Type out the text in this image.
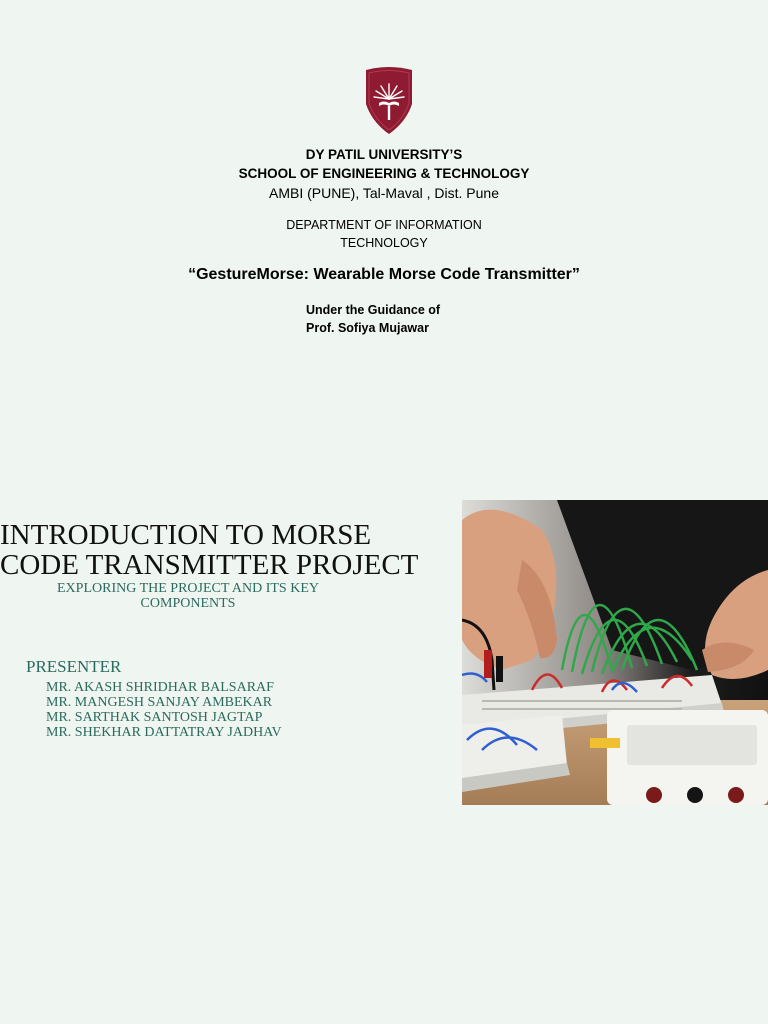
DY PATIL UNIVERSITY’S
SCHOOL OF ENGINEERING & TECHNOLOGY
AMBI (PUNE), Tal-Maval , Dist. Pune
DEPARTMENT OF INFORMATION
TECHNOLOGY
“GestureMorse: Wearable Morse Code Transmitter”
Under the Guidance of
Prof. Sofiya Mujawar
INTRODUCTION TO MORSE
CODE TRANSMITTER PROJECT
EXPLORING THE PROJECT AND ITS KEY
COMPONENTS
PRESENTER
MR. AKASH SHRIDHAR BALSARAF
MR. MANGESH SANJAY AMBEKAR
MR. SARTHAK SANTOSH JAGTAP
MR. SHEKHAR DATTATRAY JADHAV
